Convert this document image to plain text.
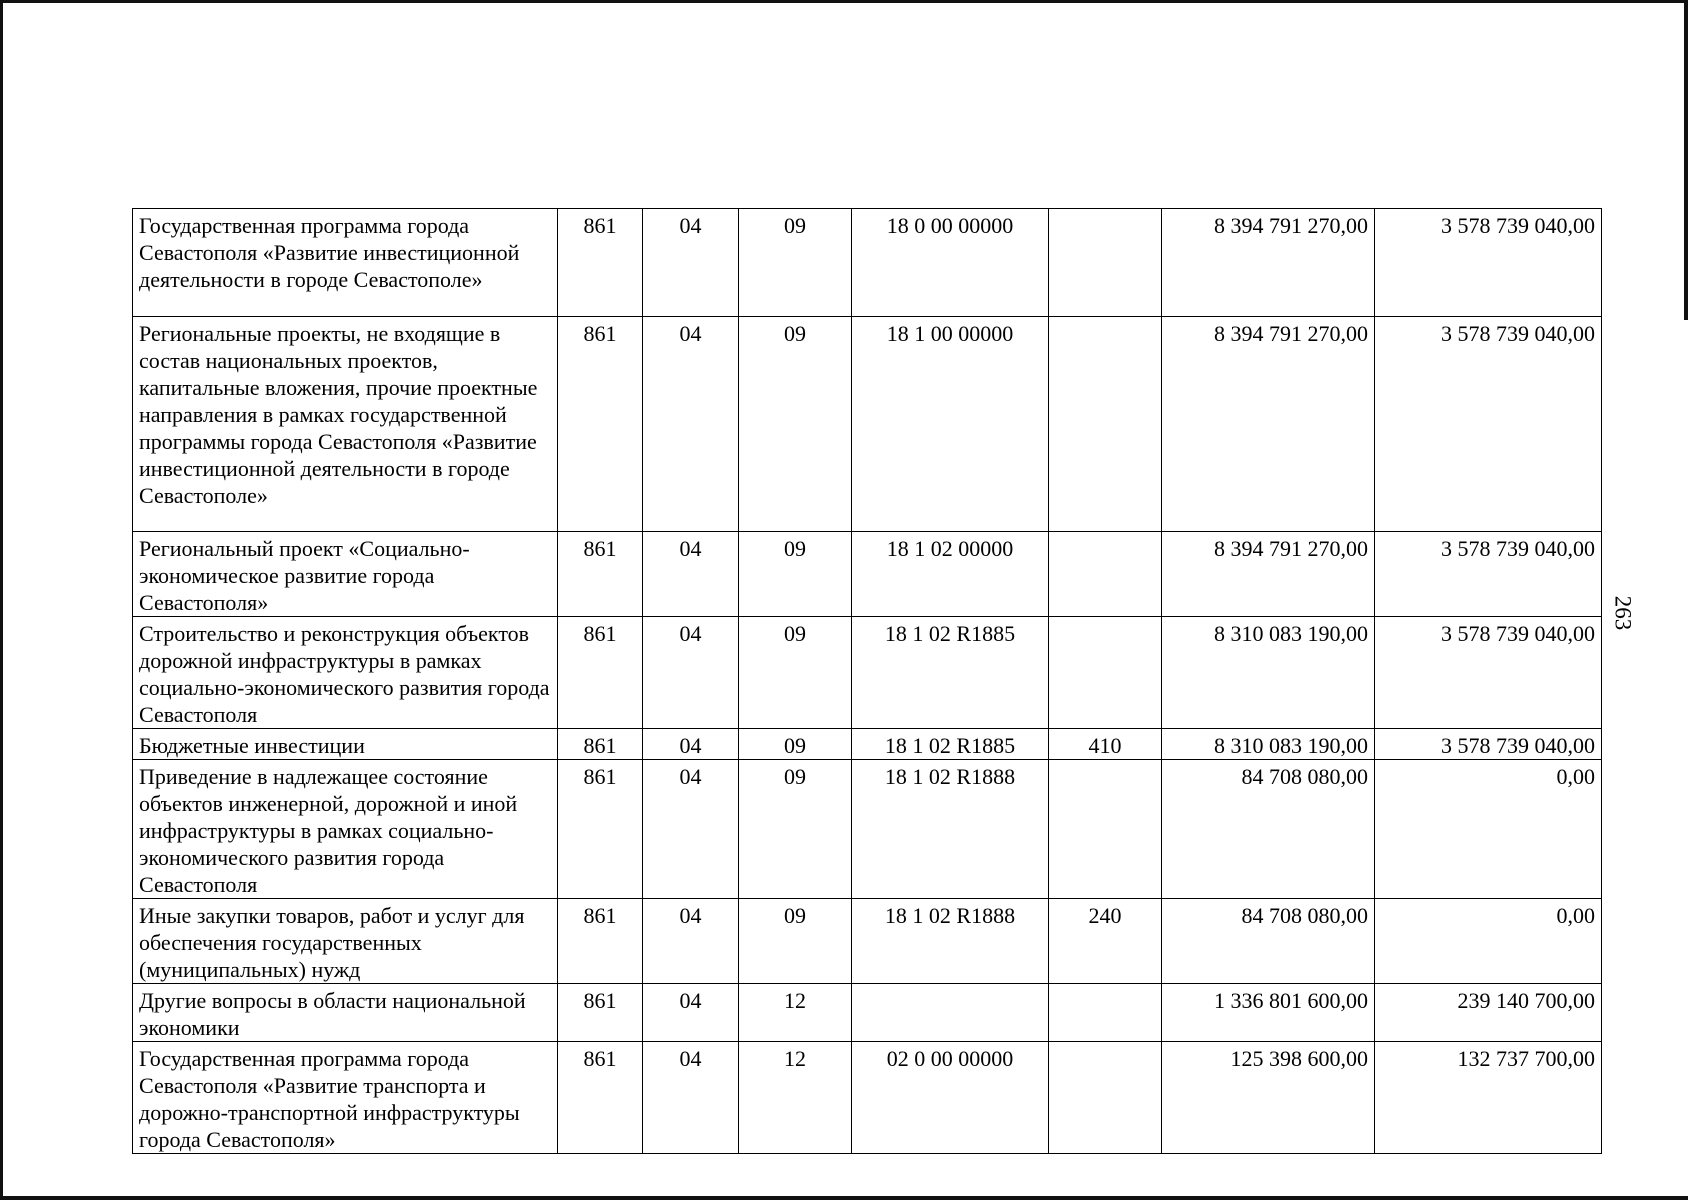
263
Государственная программа города Севастополя «Развитие инвестиционной деятельности в городе Севастополе»	861	04	09	18 0 00 00000		8 394 791 270,00	3 578 739 040,00
Региональные проекты, не входящие в состав национальных проектов, капитальные вложения, прочие проектные направления в рамках государственной программы города Севастополя «Развитие инвестиционной деятельности в городе Севастополе»	861	04	09	18 1 00 00000		8 394 791 270,00	3 578 739 040,00
Региональный проект «Социально-экономическое развитие города Севастополя»	861	04	09	18 1 02 00000		8 394 791 270,00	3 578 739 040,00
Строительство и реконструкция объектов дорожной инфраструктуры в рамках социально-экономического развития города Севастополя	861	04	09	18 1 02 R1885		8 310 083 190,00	3 578 739 040,00
Бюджетные инвестиции	861	04	09	18 1 02 R1885	410	8 310 083 190,00	3 578 739 040,00
Приведение в надлежащее состояние объектов инженерной, дорожной и иной инфраструктуры в рамках социально-экономического развития города Севастополя	861	04	09	18 1 02 R1888		84 708 080,00	0,00
Иные закупки товаров, работ и услуг для обеспечения государственных (муниципальных) нужд	861	04	09	18 1 02 R1888	240	84 708 080,00	0,00
Другие вопросы в области национальной экономики	861	04	12			1 336 801 600,00	239 140 700,00
Государственная программа города Севастополя «Развитие транспорта и дорожно-транспортной инфраструктуры города Севастополя»	861	04	12	02 0 00 00000		125 398 600,00	132 737 700,00
